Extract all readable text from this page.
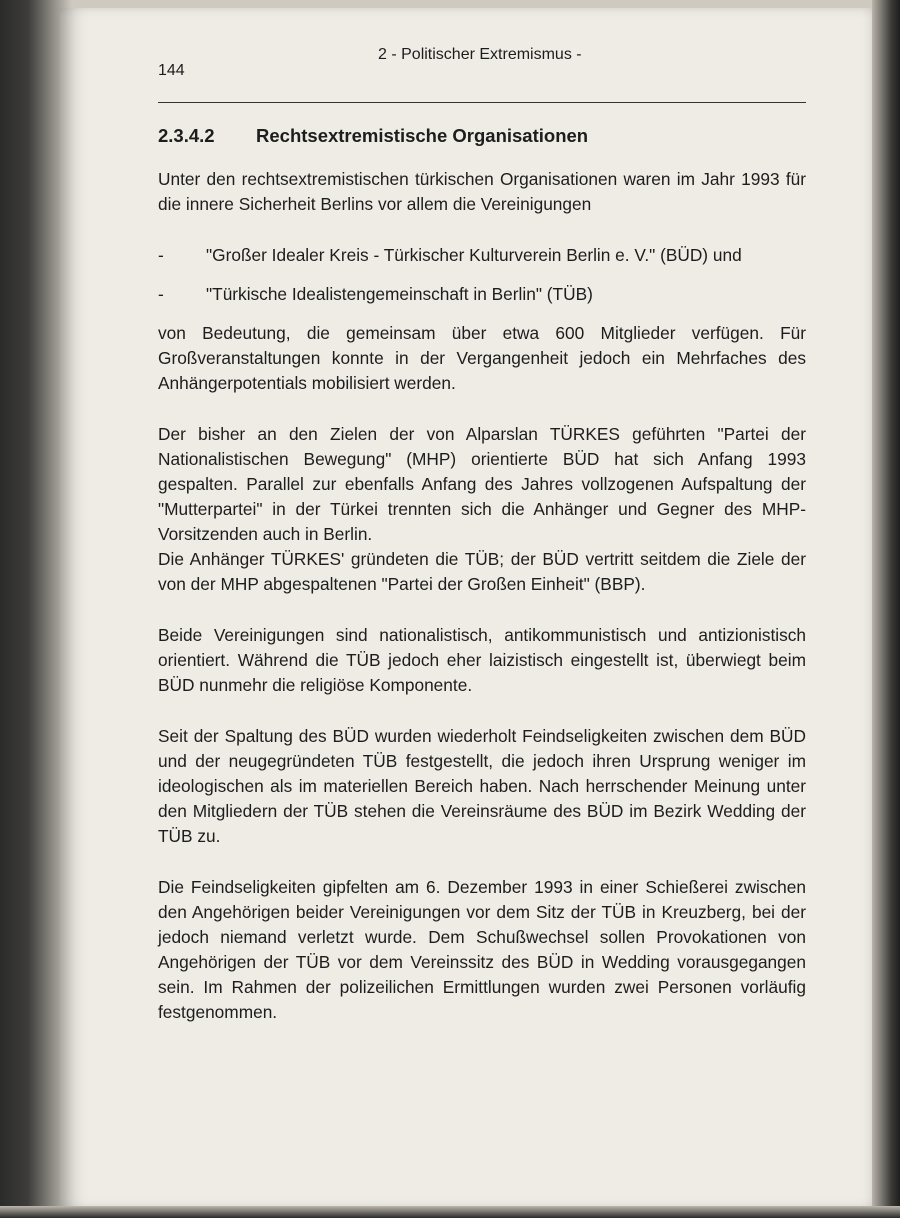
144
2 - Politischer Extremismus -
2.3.4.2	Rechtsextremistische Organisationen

Unter den rechtsextremistischen türkischen Organisationen waren im Jahr 1993 für die innere Sicherheit Berlins vor allem die Vereinigungen

-	"Großer Idealer Kreis - Türkischer Kulturverein Berlin e. V." (BÜD) und
-	"Türkische Idealistengemeinschaft in Berlin" (TÜB)

von Bedeutung, die gemeinsam über etwa 600 Mitglieder verfügen. Für Großveranstaltungen konnte in der Vergangenheit jedoch ein Mehrfaches des Anhängerpotentials mobilisiert werden.

Der bisher an den Zielen der von Alparslan TÜRKES geführten "Partei der Nationalistischen Bewegung" (MHP) orientierte BÜD hat sich Anfang 1993 gespalten. Parallel zur ebenfalls Anfang des Jahres vollzogenen Aufspaltung der "Mutterpartei" in der Türkei trennten sich die Anhänger und Gegner des MHP-Vorsitzenden auch in Berlin.

Die Anhänger TÜRKES' gründeten die TÜB; der BÜD vertritt seitdem die Ziele der von der MHP abgespaltenen "Partei der Großen Einheit" (BBP).

Beide Vereinigungen sind nationalistisch, antikommunistisch und antizionistisch orientiert. Während die TÜB jedoch eher laizistisch eingestellt ist, überwiegt beim BÜD nunmehr die religiöse Komponente.

Seit der Spaltung des BÜD wurden wiederholt Feindseligkeiten zwischen dem BÜD und der neugegründeten TÜB festgestellt, die jedoch ihren Ursprung weniger im ideologischen als im materiellen Bereich haben. Nach herrschender Meinung unter den Mitgliedern der TÜB stehen die Vereinsräume des BÜD im Bezirk Wedding der TÜB zu.

Die Feindseligkeiten gipfelten am 6. Dezember 1993 in einer Schießerei zwischen den Angehörigen beider Vereinigungen vor dem Sitz der TÜB in Kreuzberg, bei der jedoch niemand verletzt wurde. Dem Schußwechsel sollen Provokationen von Angehörigen der TÜB vor dem Vereinssitz des BÜD in Wedding vorausgegangen sein. Im Rahmen der polizeilichen Ermittlungen wurden zwei Personen vorläufig festgenommen.
